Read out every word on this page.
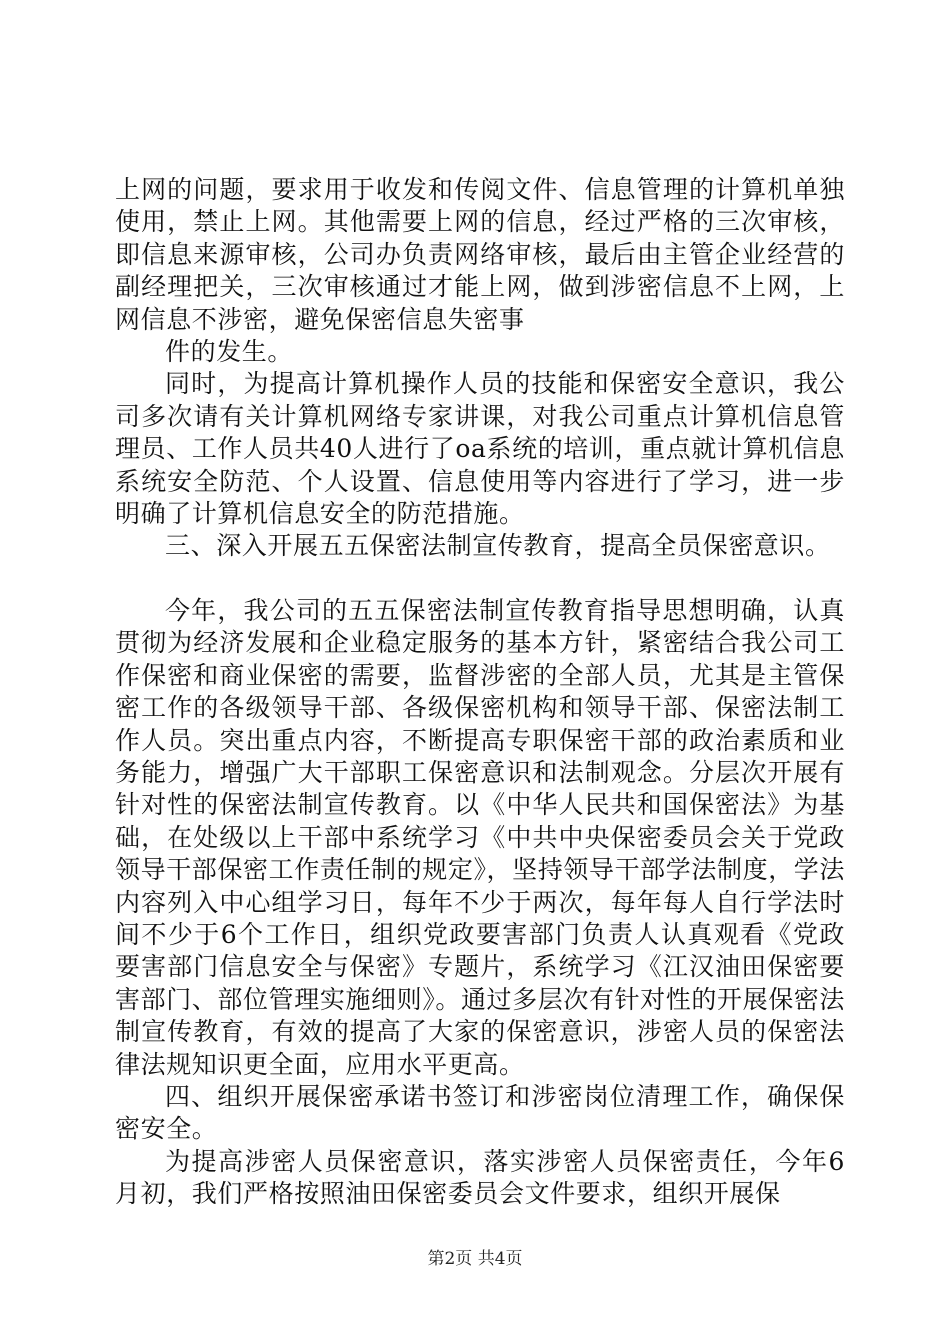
上网的问题，要求用于收发和传阅文件、信息管理的计算机单独使用，禁止上网。其他需要上网的信息，经过严格的三次审核，即信息来源审核，公司办负责网络审核，最后由主管企业经营的副经理把关，三次审核通过才能上网，做到涉密信息不上网，上网信息不涉密，避免保密信息失密事

件的发生。

同时，为提高计算机操作人员的技能和保密安全意识，我公司多次请有关计算机网络专家讲课，对我公司重点计算机信息管理员、工作人员共40人进行了oa系统的培训，重点就计算机信息系统安全防范、个人设置、信息使用等内容进行了学习，进一步明确了计算机信息安全的防范措施。

三、深入开展五五保密法制宣传教育，提高全员保密意识。

今年，我公司的五五保密法制宣传教育指导思想明确，认真贯彻为经济发展和企业稳定服务的基本方针，紧密结合我公司工作保密和商业保密的需要，监督涉密的全部人员，尤其是主管保密工作的各级领导干部、各级保密机构和领导干部、保密法制工作人员。突出重点内容，不断提高专职保密干部的政治素质和业务能力，增强广大干部职工保密意识和法制观念。分层次开展有针对性的保密法制宣传教育。以《中华人民共和国保密法》为基础，在处级以上干部中系统学习《中共中央保密委员会关于党政领导干部保密工作责任制的规定》，坚持领导干部学法制度，学法内容列入中心组学习日，每年不少于两次，每年每人自行学法时间不少于6个工作日，组织党政要害部门负责人认真观看《党政要害部门信息安全与保密》专题片，系统学习《江汉油田保密要害部门、部位管理实施细则》。通过多层次有针对性的开展保密法制宣传教育，有效的提高了大家的保密意识，涉密人员的保密法律法规知识更全面，应用水平更高。

四、组织开展保密承诺书签订和涉密岗位清理工作，确保保密安全。

为提高涉密人员保密意识，落实涉密人员保密责任，今年6月初，我们严格按照油田保密委员会文件要求，组织开展保

第2页 共4页
